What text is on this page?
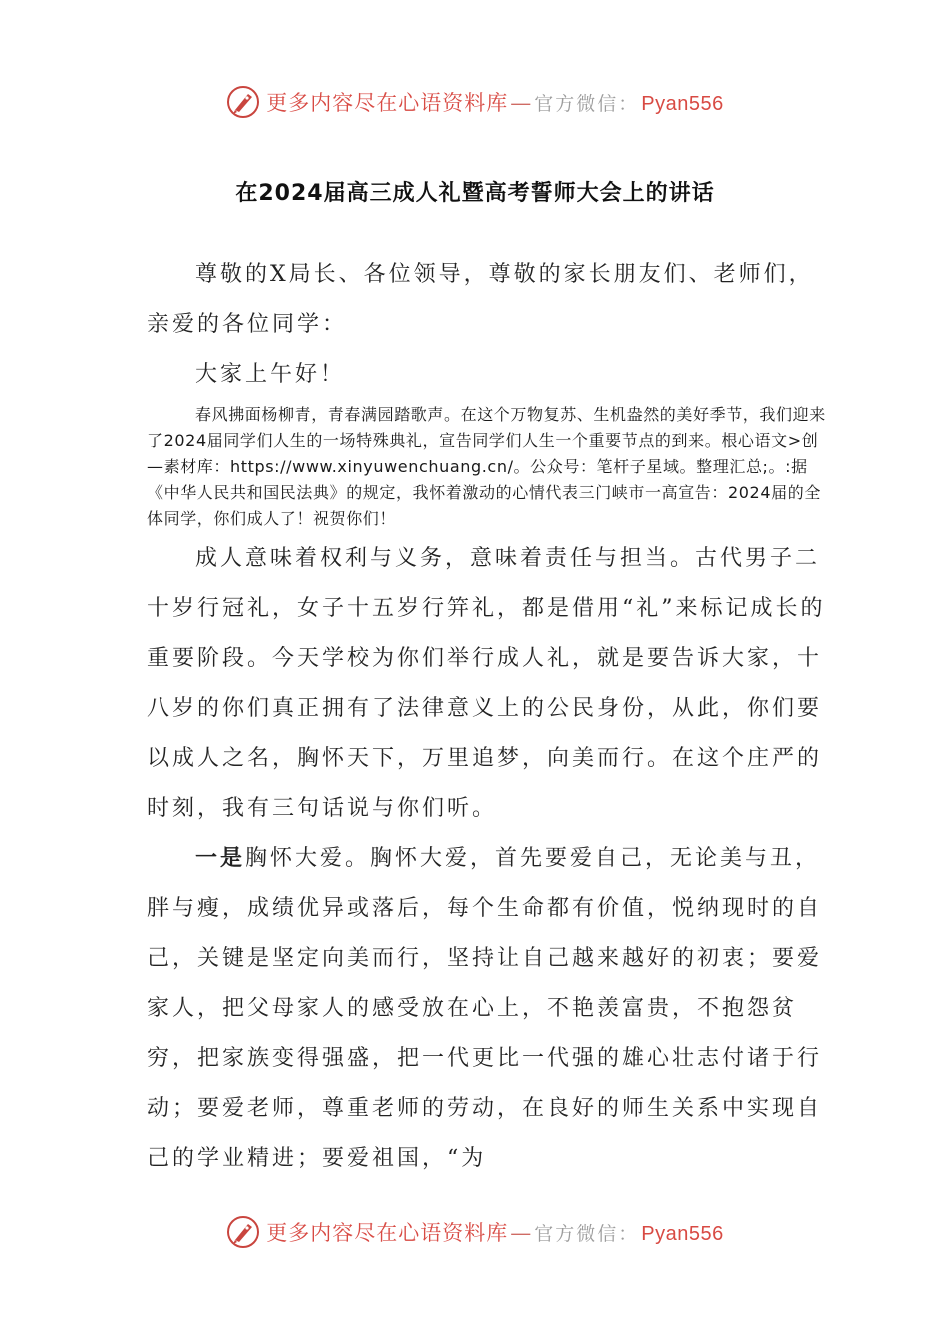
更多内容尽在心语资料库 — 官方微信： Pyan556
在2024届高三成人礼暨高考誓师大会上的讲话

尊敬的X局长、各位领导，尊敬的家长朋友们、老师们，亲爱的各位同学：

大家上午好！

春风拂面杨柳青，青春满园踏歌声。在这个万物复苏、生机盎然的美好季节，我们迎来了2024届同学们人生的一场特殊典礼，宣告同学们人生一个重要节点的到来。根心语文>创—素材库：https://www.xinyuwenchuang.cn/。公众号：笔杆子星域。整理汇总;。:据《中华人民共和国民法典》的规定，我怀着激动的心情代表三门峡市一高宣告：2024届的全体同学，你们成人了！祝贺你们！

成人意味着权利与义务，意味着责任与担当。古代男子二十岁行冠礼，女子十五岁行笄礼，都是借用“礼”来标记成长的重要阶段。今天学校为你们举行成人礼，就是要告诉大家，十八岁的你们真正拥有了法律意义上的公民身份，从此，你们要以成人之名，胸怀天下，万里追梦，向美而行。在这个庄严的时刻，我有三句话说与你们听。

一是胸怀大爱。胸怀大爱，首先要爱自己，无论美与丑，胖与瘦，成绩优异或落后，每个生命都有价值，悦纳现时的自己，关键是坚定向美而行，坚持让自己越来越好的初衷；要爱家人，把父母家人的感受放在心上，不艳羡富贵，不抱怨贫穷，把家族变得强盛，把一代更比一代强的雄心壮志付诸于行动；要爱老师，尊重老师的劳动，在良好的师生关系中实现自己的学业精进；要爱祖国，“为

更多内容尽在心语资料库 — 官方微信： Pyan556
